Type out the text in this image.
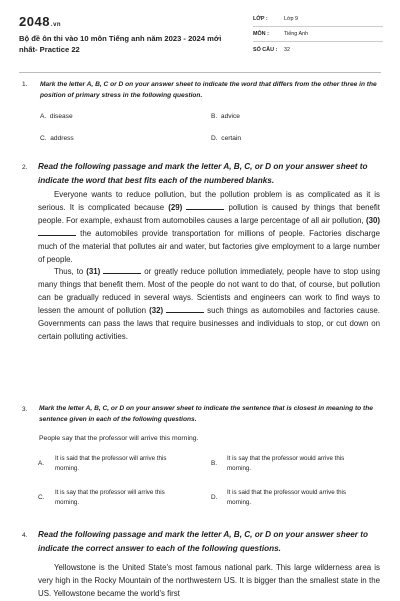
2048.vn
Bộ đề ôn thi vào 10 môn Tiếng anh năm 2023 - 2024 mới nhất- Practice 22
LỚP :	Lớp 9
MÔN :	Tiếng Anh
SỐ CÂU : 32
1. Mark the letter A, B, C or D on your answer sheet to indicate the word that differs from the other three in the position of primary stress in the following question.
A. disease	B. advice
C. address	D. certain
2. Read the following passage and mark the letter A, B, C, or D on your answer sheet to indicate the word that best fits each of the numbered blanks.

Everyone wants to reduce pollution, but the pollution problem is as complicated as it is serious. It is complicated because (29)	pollution is caused by things that benefit people. For example, exhaust from automobiles causes a large percentage of all air pollution, (30)  the automobiles provide transportation for millions of people. Factories discharge much of the material that pollutes air and water, but factories give employment to a large number of people.

Thus, to (31)	or greatly reduce pollution immediately, people have to stop using many things that benefit them. Most of the people do not want to do that, of course, but pollution can be gradually reduced in several ways. Scientists and engineers can work to find ways to lessen the amount of pollution (32)	such things as automobiles and factories cause. Governments can pass the laws that require businesses and individuals to stop, or cut down on certain polluting activities.

3. Mark the letter A, B, C, or D on your answer sheet to indicate the sentence that is closest in meaning to the sentence given in each of the following questions.
People say that the professor will arrive this morning.
A.
It is said that the professor will arrive this morning.
B.
It is say that the professor would arrive this morning.
C.
It is say that the professor will arrive this morning.
D.
It is said that the professor would arrive this morning.
4. Read the following passage and mark the letter A, B, C, or D on your answer sheer to indicate the correct answer to each of the following questions.

Yellowstone is the United State's most famous national park. This large wilderness area is very high in the Rocky Mountain of the northwestern US. It is bigger than the smallest state in the US. Yellowstone became the world's first
